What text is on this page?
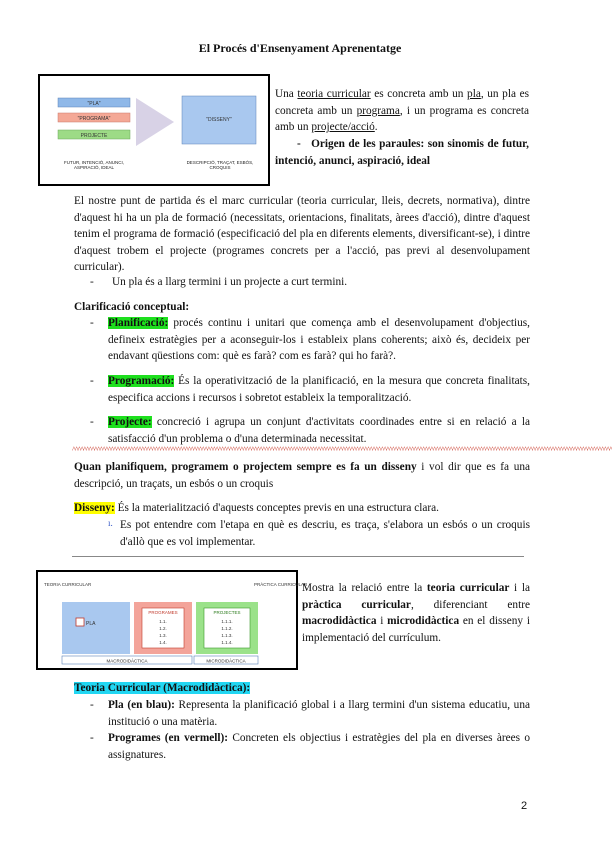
El Procés d'Ensenyament Aprenentatge
"PLA"
"PROGRAMA"
PROJECTE
"DISSENY"
FUTUR, INTENCIÓ, ANUNCI, ASPIRACIÓ, IDEAL
DESCRIPCIÓ, TRAÇAT, ESBÓS, CROQUIS
Una teoria curricular es concreta amb un pla, un pla es concreta amb un programa, i un programa es concreta amb un projecte/acció.
- Origen de les paraules: son sinomis de futur, intenció, anunci, aspiració, ideal
El nostre punt de partida és el marc curricular (teoria curricular, lleis, decrets, normativa), dintre d'aquest hi ha un pla de formació (necessitats, orientacions, finalitats, àrees d'acció), dintre d'aquest tenim el programa de formació (especificació del pla en diferents elements, diversificant-se), i dintre d'aquest trobem el projecte (programes concrets per a l'acció, pas previ al desenvolupament curricular).
- Un pla és a llarg termini i un projecte a curt termini.
Clarificació conceptual:
- Planificació: procés continu i unitari que comença amb el desenvolupament d'objectius, defineix estratègies per a aconseguir-los i estableix plans coherents; això és, decideix per endavant qüestions com: què es farà? com es farà? qui ho farà?.
- Programació: És la operativització de la planificació, en la mesura que concreta finalitats, especifica accions i recursos i sobretot estableix la temporalització.
- Projecte: concreció i agrupa un conjunt d'activitats coordinades entre si en relació a la satisfacció d'un problema o d'una determinada necessitat.
^^^^^^^^^^^^^^^^^^^^^^^^^^^^^^^^^^^^^^^^^^^^^^^^^^^^^^^^^^^^^^^^^^^^^^^^^^^^^^^^^^^^^^^^^^^^^^^^^^^^^^^^^^^^^^^^^^^^^^^^^^^^^^^^^^^^^^^^^^^^^^^^^^^^^^^^^^^^^^^^^^^^^^^^^^^^^^^^^^^^^^^^^^^^^^^^^^^^
Quan planifiquem, programem o projectem sempre es fa un disseny i vol dir que es fa una descripció, un traçats, un esbós o un croquis
Disseny: És la materialització d'aquests conceptes previs en una estructura clara.
ı. Es pot entendre com l'etapa en què es descriu, es traça, s'elabora un esbós o un croquis d'allò que es vol implementar.
TEORIA CURRICULAR	PRÀCTICA CURRICULAR
PLA
PROGRAMES
1.1.
1.2.
1.3.
1.4.
PROJECTES
1.1.1.
1.1.2.
1.1.3.
1.1.4.
MACRODIDÀCTICA	MICRODIDÀCTICA
Mostra la relació entre la teoria curricular i la pràctica curricular, diferenciant entre macrodidàctica i microdidàctica en el disseny i implementació del currículum.
Teoria Curricular (Macrodidàctica):
- Pla (en blau): Representa la planificació global i a llarg termini d'un sistema educatiu, una institució o una matèria.
- Programes (en vermell): Concreten els objectius i estratègies del pla en diverses àrees o assignatures.
2
